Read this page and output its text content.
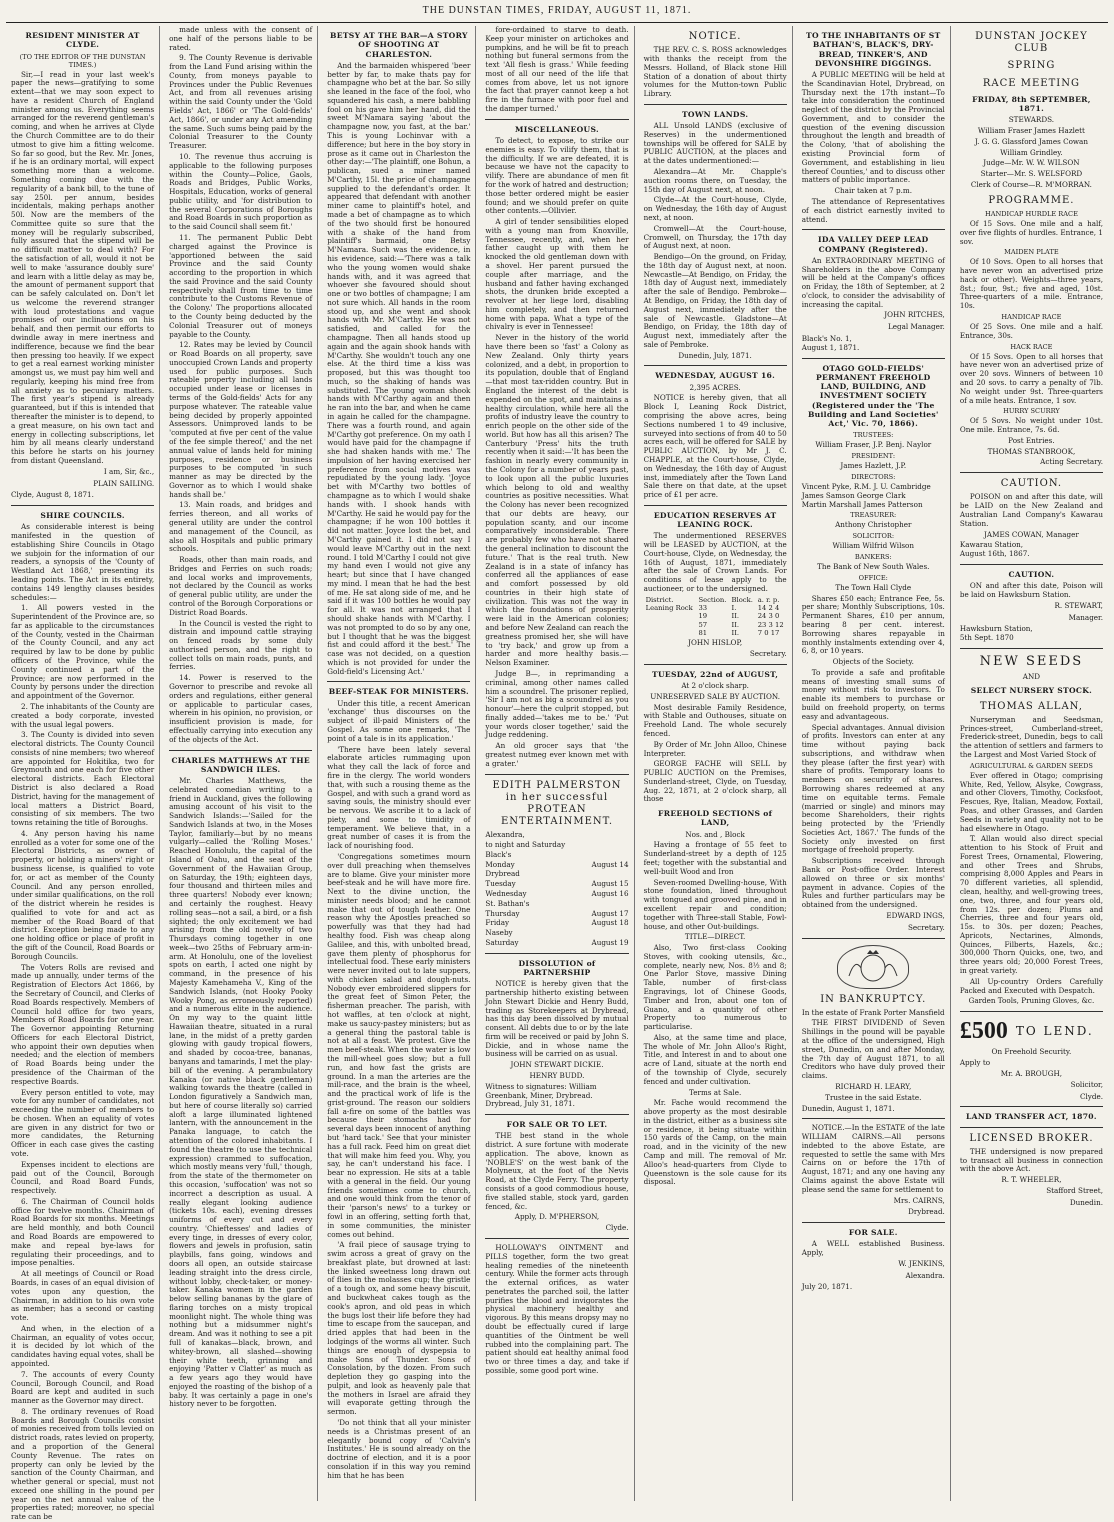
THE DUNSTAN TIMES, FRIDAY, AUGUST 11, 1871.
RESIDENT MINISTER AT CLYDE.
(TO THE EDITOR OF THE DUNSTAN TIMES.)

Sir,—I read in your last week's paper the news—gratifying to some extent—that we may soon expect to have a resident Church of England minister among us. Everything seems arranged for the reverend gentleman's coming, and when he arrives at Clyde the Church Committee are to do their utmost to give him a fitting welcome. So far so good, but the Rev. Mr. Jones, if he is an ordinary mortal, will expect something more than a welcome. Something coming due with the regularity of a bank bill, to the tune of say 250l. per annum, besides incidentals, making perhaps another 50l. Now are the members of the Committee quite so sure that the money will be regularly subscribed, fully assured that the stipend will be no difficult matter to deal with? For the satisfaction of all, would it not be well to make 'assurance doubly sure' and learn with a little delay as may be, the amount of permanent support that can be safely calculated on. Don't let us welcome the reverend stranger with loud protestations and vague promises of our inclinations on his behalf, and then permit our efforts to dwindle away in mere inertness and indifference, because we find the bear then pressing too heavily. If we expect to get a real earnest working minister amongst us, we must pay him well and regularly, keeping his mind free from all anxiety as to pecuniary matters. The first year's stipend is already guaranteed, but if this is intended that thereafter the minister is to depend, to a great measure, on his own tact and energy in collecting subscriptions, let him by all means clearly understand this before he starts on his journey from distant Queensland.

I am, Sir, &c.,
PLAIN SAILING.
Clyde, August 8, 1871.
SHIRE COUNCILS.

As considerable interest is being manifested in the question of establishing Shire Councils in Otago we subjoin for the information of our readers, a synopsis of the 'County of Westland Act 1868,' presenting its leading points. The Act in its entirety, contains 149 lengthy clauses besides schedules:—

1. All powers vested in the Superintendent of the Province are, so far as applicable to the circumstances of the County, vested in the Chairman of the County Council, and any act required by law to be done by public officers of the Province, while the County continued a part of the Province; are now performed in the County by persons under the direction and appointment of the Governor.

2. The inhabitants of the County are created a body corporate, invested with the usual legal powers.

3. The County is divided into seven electoral districts. The County Council consists of nine members; two whereof are appointed for Hokitika, two for Greymouth and one each for five other electoral districts. Each Electoral District is also declared a Road District, having for the management of local matters a District Board, consisting of six members. The two towns retaining the title of Boroughs.

4. Any person having his name enrolled as a voter for some one of the Electoral Districts, as owner of property, or holding a miners' right or business license, is qualified to vote for, or act as member of the County Council. And any person enrolled, under similar qualifications, on the roll of the district wherein he resides is qualified to vote for and act as member of the Road Board of that district. Exception being made to any one holding office or place of profit in the gift of the Council, Road Boards or Borough Councils.

The Voters Rolls are revised and made up annually, under terms of the Registration of Electors Act 1866, by the Secretary of Council, and Clerks of Road Boards respectively. Members of Council hold office for two years, Members of Road Boards for one year. The Governor appointing Returning Officers for each Electoral District, who appoint their own deputies when needed; and the election of members of Road Boards being under the presidence of the Chairman of the respective Boards.

Every person entitled to vote, may vote for any number of candidates, not exceeding the number of members to be chosen. When an equality of votes are given in any district for two or more candidates, the Returning Officer in each case gives the casting vote.

Expenses incident to elections are paid out of the Council, Borough Council, and Road Board Funds, respectively.

6. The Chairman of Council holds office for twelve months. Chairman of Road Boards for six months. Meetings are held monthly, and both Council and Road Boards are empowered to make and repeal bye-laws for regulating their proceedings, and to impose penalties.

At all meetings of Council or Road Boards, in cases of an equal division of votes upon any question, the Chairman, in addition to his own vote as member; has a second or casting vote.

And when, in the election of a Chairman, an equality of votes occur, it is decided by lot which of the candidates having equal votes, shall be appointed.

7. The accounts of every County Council, Borough Council, and Road Board are kept and audited in such manner as the Governor may direct.

8. The ordinary revenues of Road Boards and Borough Councils consist of monies received from tolls levied on district roads, rates levied on property, and a proportion of the General County Revenue. The rates on property can only be levied by the sanction of the County Chairman, and whether general or special, must not exceed one shilling in the pound per year on the net annual value of the properties rated; moreover, no special rate can be

made unless with the consent of one half of the persons liable to be rated.

9. The County Revenue is derivable from the Land Fund arising within the County, from moneys payable to Provinces under the Public Revenues Act, and from all revenues arising within the said County under the 'Gold Fields' Act, 1866' or 'The Gold-fields' Act, 1866', or under any Act amending the same. Such sums being paid by the Colonial Treasurer to the County Treasurer.

10. The revenue thus accruing is applicable to the following purposes within the County—Police, Gaols, Roads and Bridges, Public Works, Hospitals, Education, works of general public utility, and 'for distribution to the several Corporations of Boroughs and Road Boards in such proportion as to the said Council shall seem fit.'

11. The permanent Public Debt charged against the Province is 'apportioned between the said Province and the said County according to the proportion in which the said Province and the said County respectively shall from time to time contribute to the Customs Revenue of the Colony.' The proportions allocated to the County being deducted by the Colonial Treasurer out of moneys payable to the County.

12. Rates may be levied by Council or Road Boards on all property, save unoccupied Crown Lands and property used for public purposes. Such rateable property including all lands occupied under lease or licenses in terms of the Gold-fields' Acts for any purpose whatever. The rateable value being decided by properly appointed Assessors. Unimproved lands to be 'computed at five per cent of the value of the fee simple thereof,' and the net annual value of lands held for mining purposes, residence or business purposes to be computed 'in such manner as may be directed by the Governor as to which I would shake hands shall be.'

13. Main roads, and bridges and ferries thereon, and all works of general utility are under the control and management of the Council, as also all Hospitals and public primary schools.

Roads, other than main roads, and Bridges and Ferries on such roads; and local works and improvements, not declared by the Council as works of general public utility, are under the control of the Borough Corporations or District Road Boards.

In the Council is vested the right to distrain and impound cattle straying on fenced roads by some duly authorised person, and the right to collect tolls on main roads, punts, and ferries.

14. Power is reserved to the Governor to prescribe and revoke all orders and regulations, either general or applicable to particular cases, wherein in his opinion, no provision, or insufficient provision is made, for effectually carrying into execution any of the objects of the Act.

CHARLES MATTHEWS AT THE SANDWICH ILES.

Mr. Charles Matthews, the celebrated comedian writing to a friend in Auckland, gives the following amusing account of his visit to the Sandwich Islands:—'Sailed for the Sandwich Islands at two, in the Moses Taylor, familiarly—but by no means vulgarly—called the 'Rolling Moses.' Reached Honolulu, the capital of the Island of Oahu, and the seat of the Government of the Hawaiian Group, on Saturday, the 19th; eighteen days, four thousand and thirteen miles and three quarters! Nobody ever known; and certainly the roughest. Heavy rolling seas—not a sail, a bird, or a fish sighted; the only excitement we had arising from the old novelty of two Thursdays coming together in one week—two 25ths of February arm-in-arm. At Honolulu, one of the loveliest spots on earth, I acted one night by command, in the presence of his Majesty Kamehameha V., King of the Sandwich Islands, (not Hooky Pooky Wooky Pong, as erroneously reported) and a numerous elite in the audience. On my way to the quaint little Hawaiian theatre, situated in a rural lane, in the midst of a pretty garden glowing with gaudy tropical flowers, and shaded by cocoa-tree, bananas, banyans and tamarinds, I met the play-bill of the evening. A perambulatory Kanaka (or native black gentleman) walking towards the theatre (called in London figuratively a Sandwich man, but here of course literally so) carried aloft a large illuminated lightened lantern, with the announcement in the Panaka language, to catch the attention of the colored inhabitants. I found the theatre (to use the technical expression) crammed to suffocation, which mostly means very 'full,' though, from the state of the thermometer on this occasion, 'suffocation' was not so incorrect a description as usual. A really elegant looking audience (tickets 10s. each), evening dresses uniforms of every cut and every country. 'Chieftesses' and ladies of every tinge, in dresses of every color, flowers and jewels in profusion, satin playbills, fans going, windows and doors all open, an outside staircase leading straight into the dress circle, without lobby, check-taker, or money-taker. Kanaka women in the garden below selling bananas by the glare of flaring torches on a misty tropical moonlight night. The whole thing was nothing but a midsummer night's dream. And was it nothing to see a pit full of kanakas—black, brown, and whitey-brown, all slashed—showing their white teeth, grinning and enjoying 'Patter v Clatter' as much as a few years ago they would have enjoyed the roasting of the bishop of a baby. It was certainly a page in one's history never to be forgotten.

BETSY AT THE BAR—A STORY OF SHOOTING AT CHARLESTON.

And the barmaiden whispered 'beer better by far, to make thats pay for champagne who bet at the bar. So silly she leaned in the face of the fool, who squandered his cash, a mere babbling fool on his gave him her hand, did the sweet M'Namara saying 'about the champagne now, you fast, at the bar.' This is young Lochinvar with a difference; but here in the boy story in prose as it came out in Charleston the other day:—'The plaintiff, one Bohun, a publican, sued a miner named M'Carthy, 15l. the price of champagne supplied to the defendant's order. It appeared that defendant with another miner came to plaintiff's hotel, and made a bet of champagne as to which of the two should first be honoured with a shake of the hand from plaintiff's barmaid, one Betsy M'Namara. Such was the evidence, in his evidence, said:—'There was a talk who the young women would shake hands with, and it was agreed that whoever she favoured should shout one or two bottles of champagne; I am not sure which. All hands in the room stood up, and she went and shook hands with Mr. M'Carthy. He was not satisfied, and called for the champagne. Then all hands stood up again and the again shook hands with M'Carthy. She wouldn't touch any one else. At the third time a kiss was proposed, but this was thought too much, so the shaking of hands was substituted. The young woman shook hands with M'Carthy again and then he ran into the bar, and when he came in again he called for the champagne. There was a fourth round, and again M'Carthy got preference. On my oath I would have paid for the champagne if she had shaken hands with me.' The impulsion of her having exercised her preference from social motives was repudiated by the young lady. 'Joyce bet with M'Carthy two bottles of champagne as to which I would shake hands with. I shook hands with M'Carthy. He said he would pay for the champagne; if he won 100 bottles it did not matter. Joyce lost the bet, and M'Carthy gained it. I did not say I would leave M'Carthy out in the next round. I told M'Carthy I could not give my hand even I would not give any heart; but since that I have changed my mind. I mean that he had the best of me. He sat along side of me, and he said if it was 100 bottles he would pay for all. It was not arranged that I should shake hands with M'Carthy. I was not prompted to do so by any one, but I thought that he was the biggest fist and could afford it the best.' The case was not decided, on a question which is not provided for under the Gold-field's Licensing Act.'

BEEF-STEAK FOR MINISTERS.

Under this title, a recent American 'exchange' thus discourses on the subject of ill-paid Ministers of the Gospel. As some one remarks, 'The point of a tale is in its application.'

'There have been lately several elaborate articles rummaging upon what they call the lack of force and fire in the clergy. The world wonders that, with such a rousing theme as the Gospel, and with such a grand word as saving souls, the ministry should ever be nervous. We ascribe it to a lack of piety, and some to timidity of temperament. We believe that, in a great number of cases it is from the lack of nourishing food.

'Congregations sometimes mourn over dull preaching when themselves are to blame. Give your minister more beef-steak and he will have more fire. Next to the divine unction, the minister needs blood; and he cannot make that out of tough leather. One reason why the Apostles preached so powerfully was that they had had healthy food. Fish was cheap along Galilee, and this, with unbolted bread, gave them plenty of phosphorus for intellectual food. These early ministers were never invited out to late suppers, with chicken salad and dough-nuts. Nobody ever embroidered slippers for the great feet of Simon Peter, the fisherman preacher. The parish, with hot waffles, at ten o'clock at night, make us saucy-pastey ministers; but as a general thing the pastoral table is not at all a feast. We protest. Give the men beef-steak. When the water is low the mill-wheel goes slow; but a full run, and how fast the grists are ground. In a man the arteries are the mill-race, and the brain is the wheel, and the practical work of life is the grist-ground. The reason our soldiers fall a-fire on some of the battles was because their stomachs had for several days been innocent of anything but 'hard tack.' See that your minister has a full rack. Feed him on great diet that will make him feed you. Why, you say, he can't understand his face. I bear no expression. He sits at a table with a general in the field. Our young friends sometimes come to church, and one would think from the tenor of their 'parson's news' to a turkey or fowl in an offering, setting forth that, in some communities, the minister comes out behind.

'A frail piece of sausage trying to swim across a great of gravy on the breakfast plate, but drowned at last: the linked sweetness long drawn out of flies in the molasses cup; the gristle of a tough ox, and some heavy biscuit, and buckwheat cakes tough as the cook's apron, and old peas in which the bugs lost their life before they had time to escape from the saucepan, and dried apples that had been in the lodgings of the worms all winter. Such things are enough of dyspepsia to make Sons of Thunder. Sons of Consolation, by the dozen. From such depletion they go gasping into the pulpit, and look as heavenly pale that the mothers in Israel are afraid they will evaporate getting through the sermon.

'Do not think that all your minister needs is a Christmas present of an elegantly bound copy of 'Calvin's Institutes.' He is sound already on the doctrine of election, and it is a poor consolation if in this way you remind him that he has been

fore-ordained to starve to death. Keep your minister on artichokes and pumpkins, and he will be fit to preach nothing but funeral sermons from the text 'All flesh is grass.' While feeding most of all our need of the life that comes from above, let us not ignore the fact that prayer cannot keep a hot fire in the furnace with poor fuel and the damper turned.'

MISCELLANEOUS.

To detect, to expose, to strike our enemies is easy. To vilify them, that is the difficulty. If we are defeated, it is because we have not the capacity to vilify. There are abundance of men fit for the work of hatred and destruction; those better ordered might be easier found; and we should prefer on quite other contents.—Ollivier.

A girl of tender sensibilities eloped with a young man from Knoxville, Tennessee, recently, and, when her father caught up with them he knocked the old gentleman down with a shovel. Her parent pursued the couple after marriage, and the husband and father having exchanged shots, the drunken bride excepted a revolver at her liege lord, disabling him completely, and then returned home with papa. What a type of the chivalry is ever in Tennessee!

Never in the history of the world have there been so 'fast' a Colony as New Zealand. Only thirty years colonized, and a debt, in proportion to its population, double that of England—that most tax-ridden country. But in England the interest of the debt is expended on the spot, and maintains a healthy circulation, while here all the profits of industry leave the country to enrich people on the other side of the world. But how has all this arisen? The Canterbury 'Press' hits the truth recently when it said:—'It has been the fashion in nearly every community in the Colony for a number of years past, to look upon all the public luxuries which belong to old and wealthy countries as positive necessities. What the Colony has never been recognized that our debts are heavy, our population scanty, and our income comparatively inconsiderable. There are probably few who have not shared the general inclination to discount the future.' That is the real truth. New Zealand is in a state of infancy has conferred all the appliances of ease and comfort possessed by old countries in their high state of civilization. This was not the way in which the foundations of prosperity were laid in the American colonies; and before New Zealand can reach the greatness promised her, she will have to 'try back,' and grow up from a harder and more healthy basis.—Nelson Examiner.

Judge B—, in reprimanding a criminal, among other names called him a scoundrel. The prisoner replied, 'Sir I am not as big a scoundrel as you honour'—here the culprit stopped, but finally added—'takes me to be.' 'Put your words closer together,' said the Judge reddening.

An old grocer says that 'the greatest nutmeg ever known met with a grater.'

EDITH PALMERSTON in her successful PROTEAN ENTERTAINMENT.
Alexandra,
to night and Saturday
Black's
Monday	August 14
Drybread
Tuesday	August 15
Wednesday	August 16
St. Bathan's
Thursday	August 17
Friday	August 18
Naseby
Saturday	August 19
DISSOLUTION of PARTNERSHIP

NOTICE is hereby given that the partnership hitherto existing between John Stewart Dickie and Henry Budd, trading as Storekeepers at Drybread, has this day been dissolved by mutual consent. All debts due to or by the late firm will be received or paid by John S. Dickie, and in whose name the business will be carried on as usual.

JOHN STEWART DICKIE.
HENRY BUDD.
Witness to signatures: William Greenbank, Miner, Drybread.
Drybread, July 31, 1871.
FOR SALE OR TO LET.

THE best stand in the whole district. A sure fortune with moderate application. The above, known as 'NOBLE'S' on the west bank of the Molyneux, at the foot of the Nevis Road, at the Clyde Ferry. The property consists of a good commodious house, five stalled stable, stock yard, garden fenced, &c.

Apply, D. M'PHERSON,
Clyde.

HOLLOWAY'S OINTMENT and PILLS together, form the two great healing remedies of the nineteenth century. While the former acts through the external orifices, as water penetrates the parched soil, the latter purifies the blood and invigorates the physical machinery healthy and vigorous. By this means dropsy may no doubt be effectually cured if large quantities of the Ointment be well rubbed into the complaining part. The patient should eat healthy animal food two or three times a day, and take if possible, some good port wine.

NOTICE.

THE REV. C. S. ROSS acknowledges with thanks the receipt from the Messrs. Holland, of Black stone Hill Station of a donation of about thirty volumes for the Mutton-town Public Library.

TOWN LANDS.

ALL Unsold LANDS (exclusive of Reserves) in the undermentioned townships will be offered for SALE by PUBLIC AUCTION, at the places and at the dates undermentioned:—

Alexandra—At Mr. Chapple's auction rooms there, on Tuesday, the 15th day of August next, at noon.

Clyde—At the Court-house, Clyde, on Wednesday, the 16th day of August next, at noon.

Cromwell—At the Court-house, Cromwell, on Thursday, the 17th day of August next, at noon.

Bendigo—On the ground, on Friday, the 18th day of August next, at noon. Newcastle—At Bendigo, on Friday, the 18th day of August next, immediately after the sale of Bendigo. Pembroke—At Bendigo, on Friday, the 18th day of August next, immediately after the sale of Newcastle. Gladstone—At Bendigo, on Friday, the 18th day of August next, immediately after the sale of Pembroke.

Dunedin, July, 1871.
WEDNESDAY, AUGUST 16.
2,395 ACRES.

NOTICE is hereby given, that all Block I, Leaning Rock District, comprising the above acres, being Sections numbered 1 to 49 inclusive, surveyed into sections of from 40 to 50 acres each, will be offered for SALE by PUBLIC AUCTION, by Mr J. C. CHAPPLE, at the Court-house, Clyde, on Wednesday, the 16th day of August inst, immediately after the Town Land Sale there on that date, at the upset price of £1 per acre.

EDUCATION RESERVES AT LEANING ROCK.

The undermentioned RESERVES will be LEASED by AUCTION, at the Court-house, Clyde, on Wednesday, the 16th of August, 1871, immediately after the sale of Crown Lands. For conditions of lease apply to the auctioneer, or to the undersigned.

District.	Section.	Block.	a. r. p.
Leaning Rock	33	I.	14 2 4
	19	II.	24 3 0
	57	II.	23 3 12
	81	II.	7 0 17
JOHN HISLOP,
Secretary.
TUESDAY, 22nd of AUGUST,
At 2 o'clock sharp.
UNRESERVED SALE BY AUCTION.

Most desirable Family Residence, with Stable and Outhouses, situate on Freehold Land. The whole securely fenced.

By Order of Mr. John Alloo, Chinese Interpreter.

GEORGE FACHE will SELL by PUBLIC AUCTION on the Premises, Sunderland-street, Clyde, on Tuesday, Aug. 22, 1871, at 2 o'clock sharp, all those

FREEHOLD SECTIONS of LAND,
Nos. and , Block

Having a frontage of 55 feet to Sunderland-street by a depth of 125 feet; together with the substantial and well-built Wood and Iron

Seven-roomed Dwelling-house, With stone foundation, lined throughout with tongued and grooved pine, and in excellent repair and condition; together with Three-stall Stable, Fowl-house, and other Out-buildings.

TITLE—DIRECT.

Also, Two first-class Cooking Stoves, with cooking utensils, &c., complete, nearly new, Nos. 8½ and 8; One Parlor Stove, massive Dining Table, number of first-class Engravings, lot of Chinese Goods, Timber and Iron, about one ton of Guano, and a quantity of other Property too numerous to particularise.

Also, at the same time and place, The whole of Mr. John Alloo's Right, Title, and Interest in and to about one acre of Land, situate at the north end of the township of Clyde, securely fenced and under cultivation.

Terms at Sale.

Mr. Fache would recommend the above property as the most desirable in the district, either as a business site or residence, it being situate within 150 yards of the Camp, on the main road, and in the vicinity of the new Camp and mill. The removal of Mr. Alloo's head-quarters from Clyde to Queenstown is the sole cause for its disposal.

TO THE INHABITANTS OF ST BATHAN'S, BLACK'S, DRY-BREAD, TINKER'S, AND DEVONSHIRE DIGGINGS.

A PUBLIC MEETING will be held at the Scandinavian Hotel, Drybread, on Thursday next the 17th instant—To take into consideration the continued neglect of the district by the Provincial Government, and to consider the question of the evening discussion throughout the length and breadth of the Colony, 'that of abolishing the existing Provincial form of Government, and establishing in lieu thereof Counties,' and to discuss other matters of public importance.

Chair taken at 7 p.m.

The attendance of Representatives of each district earnestly invited to attend.

IDA VALLEY DEEP LEAD COMPANY (Registered).

An EXTRAORDINARY MEETING of Shareholders in the above Company will be held at the Company's offices on Friday, the 18th of September, at 2 o'clock, to consider the advisability of increasing the capital.

JOHN RITCHES,
Legal Manager.
Black's No. 1,
August 1, 1871.
OTAGO GOLD-FIELDS' PERMANENT FREEHOLD LAND, BUILDING, AND INVESTMENT SOCIETY (Registered under the 'The Building and Land Societies' Act,' Vic. 70, 1866).
TRUSTEES:
William Fraser, J.P. Benj. Naylor
PRESIDENT:
James Hazlett, J.P.
DIRECTORS:
Vincent Pyke, R.M. J. U. Cambridge
James Samson George Clark
Martin Marshall James Patterson
TREASURER:
Anthony Christopher
SOLICITOR:
William Wilfrid Wilson
BANKERS:
The Bank of New South Wales.
OFFICE:
The Town Hall Clyde

Shares £50 each; Entrance Fee, 5s. per share; Monthly Subscriptions, 10s. Permanent Shares, £10 per annum, bearing 8 per cent. interest. Borrowing shares repayable in monthly instalments extending over 4, 6, 8, or 10 years.

Objects of the Society.

To provide a safe and profitable means of investing small sums of money without risk to investors. To enable its members to purchase or build on freehold property, on terms easy and advantageous.

Special advantages. Annual division of profits. Investors can enter at any time without paying back subscriptions, and withdraw when they please (after the first year) with share of profits. Temporary loans to members on security of shares. Borrowing shares redeemed at any time on equitable terms. Female (married or single) and minors may become Shareholders, their rights being protected by the 'Friendly Societies Act, 1867.' The funds of the Society only invested on first mortgage of freehold property.

Subscriptions received through Bank or Post-office Order. Interest allowed on three or six months' payment in advance. Copies of the Rules and further particulars may be obtained from the undersigned.

EDWARD INGS,
Secretary.
IN BANKRUPTCY.
In the estate of Frank Porter Mansfield

THE FIRST DIVIDEND of Seven Shillings in the pound will be payable at the office of the undersigned, High street, Dunedin, on and after Monday, the 7th day of August 1871, to all Creditors who have duly proved their claims.

RICHARD H. LEARY,
Trustee in the said Estate.
Dunedin, August 1, 1871.

NOTICE.—In the ESTATE of the late WILLIAM CAIRNS.—All persons indebted to the above Estate, are requested to settle the same with Mrs Cairns on or before the 17th of August, 1871; and any one having any Claims against the above Estate will please send the same for settlement to

Mrs. CAIRNS,
Drybread.
FOR SALE.

A WELL established Business. Apply,

W. JENKINS,
Alexandra.
July 20, 1871.
DUNSTAN JOCKEY CLUB
SPRING
RACE MEETING
FRIDAY, 8th SEPTEMBER, 1871.
STEWARDS.
William Fraser James Hazlett
J. G. G. Glassford James Cowan
William Grindley.
Judge—Mr. W. W. WILSON
Starter—Mr. S. WELSFORD
Clerk of Course—R. M'MORRAN.
PROGRAMME.
HANDICAP HURDLE RACE

Of 15 Sovs. One mile and a half, over five flights of hurdles. Entrance, 1 sov.

MAIDEN PLATE

Of 10 Sovs. Open to all horses that have never won an advertised prize hack or other). Weights—three years, 8st.; four, 9st.; five and aged, 10st. Three-quarters of a mile. Entrance, 10s.

HANDICAP RACE

Of 25 Sovs. One mile and a half. Entrance, 30s.

HACK RACE

Of 15 Sovs. Open to all horses that have never won an advertised prize of over 20 sovs. Winners of between 10 and 20 sovs. to carry a penalty of 7lb. No weight under 9st. Three-quarters of a mile heats. Entrance, 1 sov.

HURRY SCURRY

Of 5 Sovs. No weight under 10st. One mile. Entrance, 7s. 6d.

Post Entries.
THOMAS STANBROOK,
Acting Secretary.
CAUTION.

POISON on and after this date, will be LAID on the New Zealand and Australian Land Company's Kawarau Station.

JAMES COWAN, Manager
Kawarau Station,
August 16th, 1867.
CAUTION.

ON and after this date, Poison will be laid on Hawksburn Station.

R. STEWART,
Manager.
Hawksburn Station,
5th Sept. 1870
NEW SEEDS
AND
SELECT NURSERY STOCK.
THOMAS ALLAN,

Nurseryman and Seedsman, Princes-street, Cumberland-street, Frederick-street, Dunedin, begs to call the attention of settlers and farmers to the Largest and Most Varied Stock of

AGRICULTURAL & GARDEN SEEDS

Ever offered in Otago; comprising White, Red, Yellow, Alsyke, Cowgrass, and other Clovers, Timothy, Cocksfoot, Fescues, Rye, Italian, Meadow, Foxtail, Poas, and other Grasses, and Garden Seeds in variety and quality not to be had elsewhere in Otago.

T. Allan would also direct special attention to his Stock of Fruit and Forest Trees, Ornamental, Flowering, and other Trees and Shrubs, comprising 8,000 Apples and Pears in 70 different varieties, all splendid, clean, healthy, and well-growing trees, one, two, three, and four years old, from 12s. per dozen; Plums and Cherries, three and four years old, 15s. to 30s. per dozen; Peaches, Apricots, Nectarines, Almonds, Quinces, Filberts, Hazels, &c.; 300,000 Thorn Quicks, one, two, and three years old; 20,000 Forest Trees, in great variety.

All Up-country Orders Carefully Packed and Executed with Despatch.

Garden Tools, Pruning Gloves, &c.
£500 TO LEND.
On Freehold Security.
Apply to
Mr. A. BROUGH,
Solicitor,
Clyde.
LAND TRANSFER ACT, 1870.
LICENSED BROKER.

THE undersigned is now prepared to transact all business in connection with the above Act.

R. T. WHEELER,
Stafford Street,
Dunedin.
